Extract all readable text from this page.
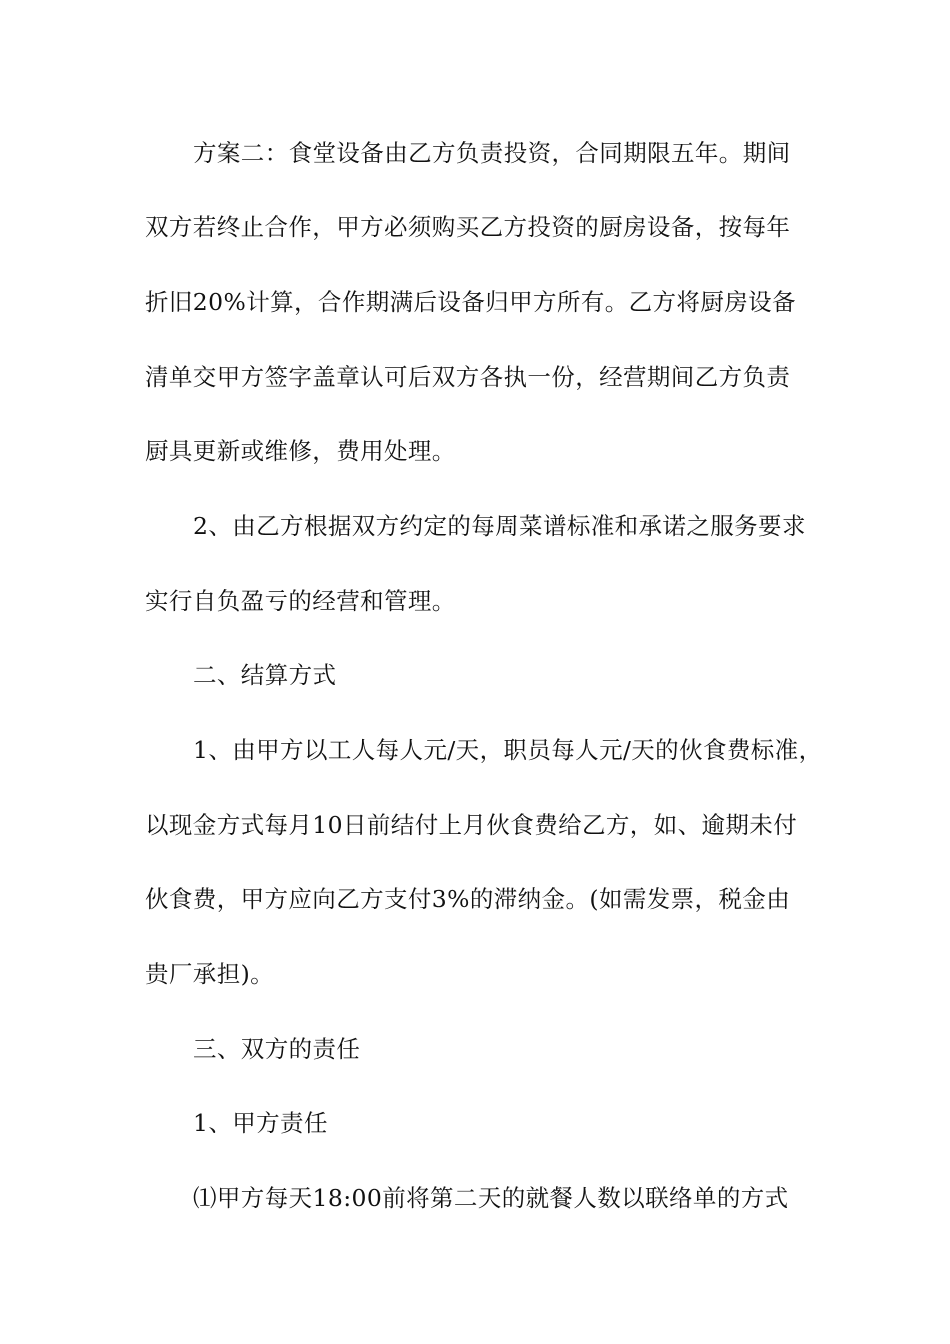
方案二：食堂设备由乙方负责投资，合同期限五年。期间
双方若终止合作，甲方必须购买乙方投资的厨房设备，按每年
折旧20%计算，合作期满后设备归甲方所有。乙方将厨房设备
清单交甲方签字盖章认可后双方各执一份，经营期间乙方负责
厨具更新或维修，费用处理。
2、由乙方根据双方约定的每周菜谱标准和承诺之服务要求
实行自负盈亏的经营和管理。
二、结算方式
1、由甲方以工人每人元/天，职员每人元/天的伙食费标准，
以现金方式每月10日前结付上月伙食费给乙方，如、逾期未付
伙食费，甲方应向乙方支付3%的滞纳金。(如需发票，税金由
贵厂承担)。
三、双方的责任
1、甲方责任
⑴甲方每天18:00前将第二天的就餐人数以联络单的方式
